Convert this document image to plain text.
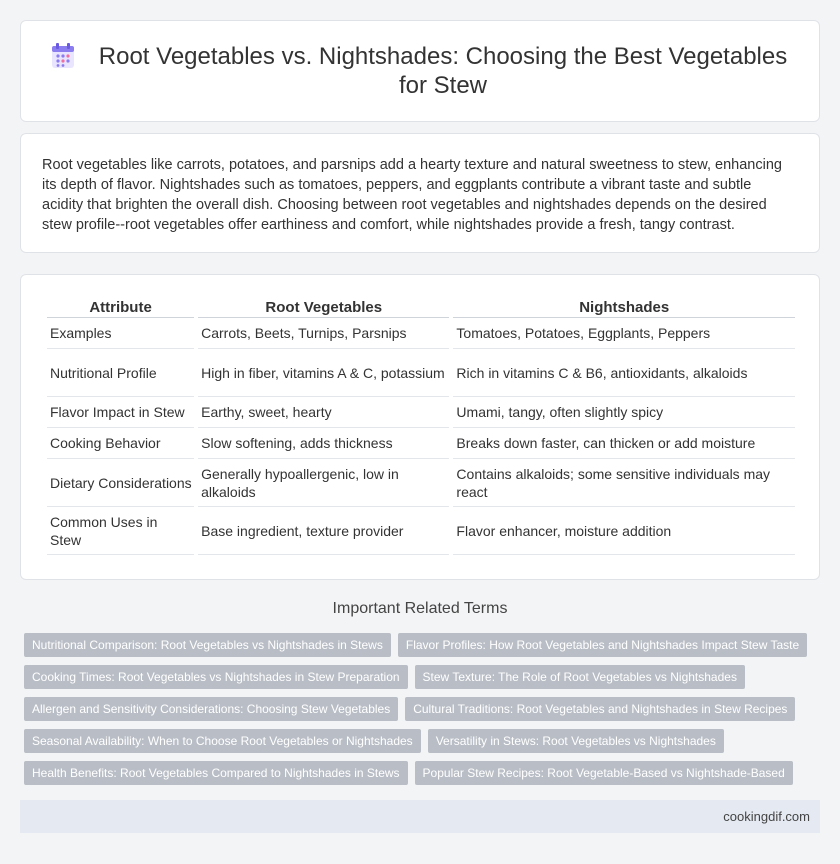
Root Vegetables vs. Nightshades: Choosing the Best Vegetables for Stew

Root vegetables like carrots, potatoes, and parsnips add a hearty texture and natural sweetness to stew, enhancing its depth of flavor. Nightshades such as tomatoes, peppers, and eggplants contribute a vibrant taste and subtle acidity that brighten the overall dish. Choosing between root vegetables and nightshades depends on the desired stew profile--root vegetables offer earthiness and comfort, while nightshades provide a fresh, tangy contrast.

Attribute	Root Vegetables	Nightshades
Examples	Carrots, Beets, Turnips, Parsnips	Tomatoes, Potatoes, Eggplants, Peppers
Nutritional Profile	High in fiber, vitamins A & C, potassium	Rich in vitamins C & B6, antioxidants, alkaloids
Flavor Impact in Stew	Earthy, sweet, hearty	Umami, tangy, often slightly spicy
Cooking Behavior	Slow softening, adds thickness	Breaks down faster, can thicken or add moisture
Dietary Considerations	Generally hypoallergenic, low in alkaloids	Contains alkaloids; some sensitive individuals may react
Common Uses in Stew	Base ingredient, texture provider	Flavor enhancer, moisture addition
Important Related Terms
Nutritional Comparison: Root Vegetables vs Nightshades in Stews	Flavor Profiles: How Root Vegetables and Nightshades Impact Stew Taste
Cooking Times: Root Vegetables vs Nightshades in Stew Preparation	Stew Texture: The Role of Root Vegetables vs Nightshades
Allergen and Sensitivity Considerations: Choosing Stew Vegetables	Cultural Traditions: Root Vegetables and Nightshades in Stew Recipes
Seasonal Availability: When to Choose Root Vegetables or Nightshades	Versatility in Stews: Root Vegetables vs Nightshades
Health Benefits: Root Vegetables Compared to Nightshades in Stews	Popular Stew Recipes: Root Vegetable-Based vs Nightshade-Based
cookingdif.com
